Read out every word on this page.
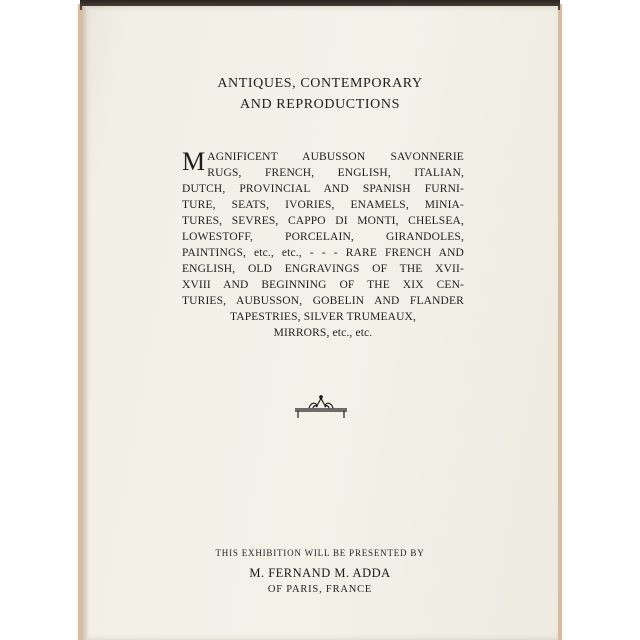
ANTIQUES, CONTEMPORARY
AND REPRODUCTIONS
MAGNIFICENT AUBUSSON SAVONNERIE
RUGS, FRENCH, ENGLISH, ITALIAN,
DUTCH, PROVINCIAL AND SPANISH FURNI-
TURE, SEATS, IVORIES, ENAMELS, MINIA-
TURES, SEVRES, CAPPO DI MONTI, CHELSEA,
LOWESTOFF, PORCELAIN, GIRANDOLES,
PAINTINGS, etc., etc., - - - RARE FRENCH AND
ENGLISH, OLD ENGRAVINGS OF THE XVII-
XVIII AND BEGINNING OF THE XIX CEN-
TURIES, AUBUSSON, GOBELIN AND FLANDER
TAPESTRIES, SILVER TRUMEAUX,
MIRRORS, etc., etc.
THIS EXHIBITION WILL BE PRESENTED BY
M. FERNAND M. ADDA
OF PARIS, FRANCE
